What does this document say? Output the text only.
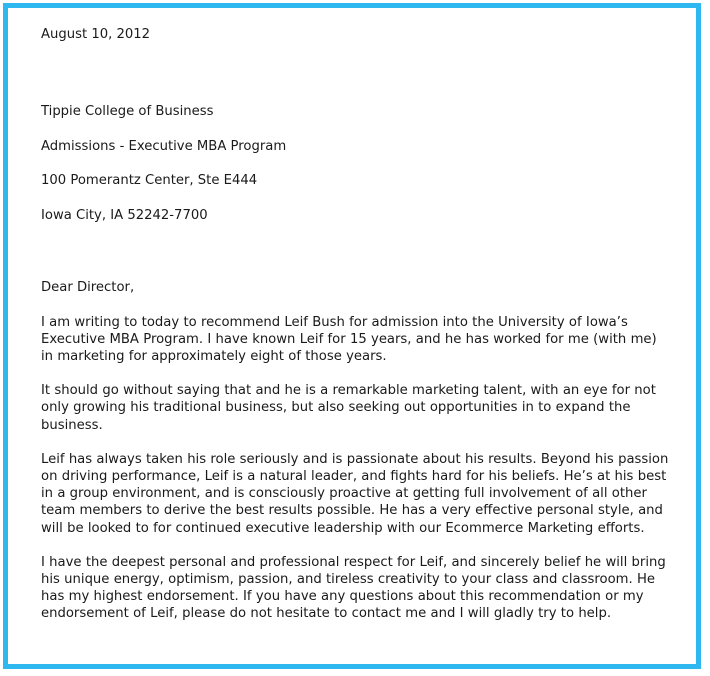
August 10, 2012
Tippie College of Business
Admissions - Executive MBA Program
100 Pomerantz Center, Ste E444
Iowa City, IA 52242-7700
Dear Director,

I am writing to today to recommend Leif Bush for admission into the University of Iowa’s Executive MBA Program. I have known Leif for 15 years, and he has worked for me (with me) in marketing for approximately eight of those years.

It should go without saying that and he is a remarkable marketing talent, with an eye for not only growing his traditional business, but also seeking out opportunities in to expand the business.

Leif has always taken his role seriously and is passionate about his results. Beyond his passion on driving performance, Leif is a natural leader, and fights hard for his beliefs. He’s at his best in a group environment, and is consciously proactive at getting full involvement of all other team members to derive the best results possible. He has a very effective personal style, and will be looked to for continued executive leadership with our Ecommerce Marketing efforts.

I have the deepest personal and professional respect for Leif, and sincerely belief he will bring his unique energy, optimism, passion, and tireless creativity to your class and classroom. He has my highest endorsement. If you have any questions about this recommendation or my endorsement of Leif, please do not hesitate to contact me and I will gladly try to help.
